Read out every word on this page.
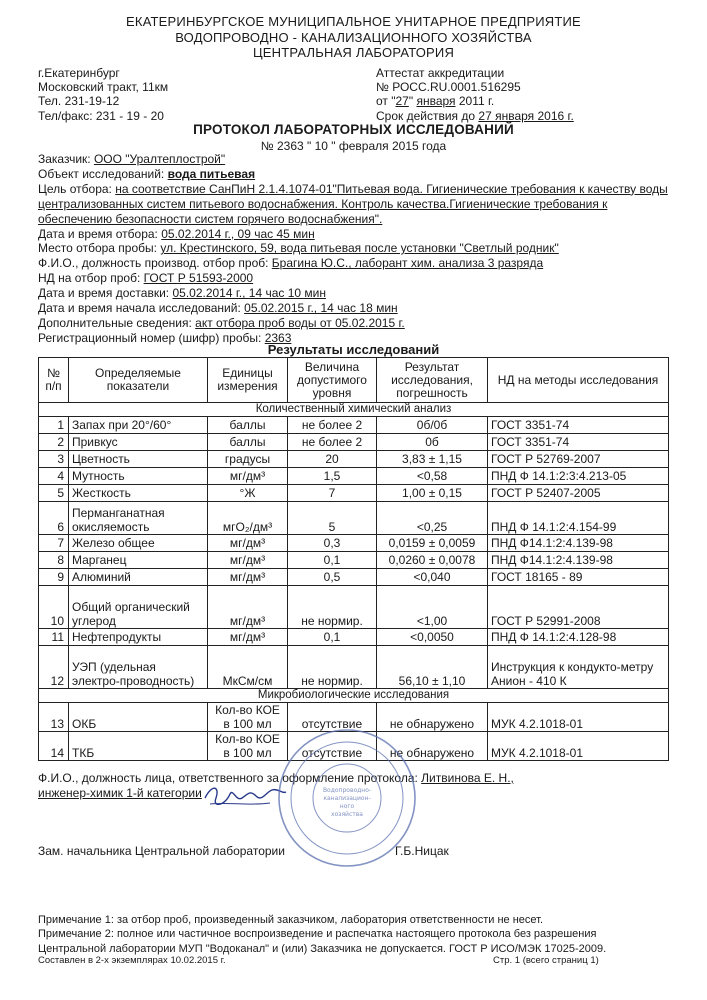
ЕКАТЕРИНБУРГСКОЕ МУНИЦИПАЛЬНОЕ УНИТАРНОЕ ПРЕДПРИЯТИЕ
ВОДОПРОВОДНО - КАНАЛИЗАЦИОННОГО ХОЗЯЙСТВА
ЦЕНТРАЛЬНАЯ ЛАБОРАТОРИЯ
г.Екатеринбург
Московский тракт, 11км
Тел. 231-19-12
Тел/факс: 231 - 19 - 20
Аттестат аккредитации
№ РОСС.RU.0001.516295
от "27" января 2011 г.
Срок действия до 27 января 2016 г.
ПРОТОКОЛ ЛАБОРАТОРНЫХ ИССЛЕДОВАНИЙ
№ 2363 " 10 " февраля 2015 года
Заказчик: ООО "Уралтеплострой"
Объект исследований: вода питьевая
Цель отбора: на соответствие СанПиН 2.1.4.1074-01"Питьевая вода. Гигиенические требования к качеству воды централизованных систем питьевого водоснабжения. Контроль качества.Гигиенические требования к обеспечению безопасности систем горячего водоснабжения".
Дата и время отбора: 05.02.2014 г., 09 час 45 мин
Место отбора пробы: ул. Крестинского, 59, вода питьевая после установки "Светлый родник"
Ф.И.О., должность производ. отбор проб: Брагина Ю.С., лаборант хим. анализа 3 разряда
НД на отбор проб: ГОСТ Р 51593-2000
Дата и время доставки: 05.02.2014 г., 14 час 10 мин
Дата и время начала исследований: 05.02.2015 г., 14 час 18 мин
Дополнительные сведения: акт отбора проб воды от 05.02.2015 г.
Регистрационный номер (шифр) пробы: 2363
Результаты исследований
№ п/п	Определяемые показатели	Единицы измерения	Величина допустимого уровня	Результат исследования, погрешность	НД на методы исследования
Количественный химический анализ					
1	Запах при 20°/60°	баллы	не более 2	0б/0б	ГОСТ 3351-74
2	Привкус	баллы	не более 2	0б	ГОСТ 3351-74
3	Цветность	градусы	20	3,83 ± 1,15	ГОСТ Р 52769-2007
4	Мутность	мг/дм³	1,5	<0,58	ПНД Ф 14.1:2:3:4.213-05
5	Жесткость	°Ж	7	1,00 ± 0,15	ГОСТ Р 52407-2005
6	Перманганатная окисляемость	мгО₂/дм³	5	<0,25	ПНД Ф 14.1:2:4.154-99
7	Железо общее	мг/дм³	0,3	0,0159 ± 0,0059	ПНД Ф14.1:2:4.139-98
8	Марганец	мг/дм³	0,1	0,0260 ± 0,0078	ПНД Ф14.1:2:4.139-98
9	Алюминий	мг/дм³	0,5	<0,040	ГОСТ 18165 - 89
10	Общий органический углерод	мг/дм³	не нормир.	<1,00	ГОСТ Р 52991-2008
11	Нефтепродукты	мг/дм³	0,1	<0,0050	ПНД Ф 14.1:2:4.128-98
12	УЭП (удельная электро-проводность)	МкСм/см	не нормир.	56,10 ± 1,10	Инструкция к кондукто-метру Анион - 410 К
Микробиологические исследования					
13	ОКБ	Кол-во КОЕ в 100 мл	отсутствие	не обнаружено	МУК 4.2.1018-01
14	ТКБ	Кол-во КОЕ в 100 мл	отсутствие	не обнаружено	МУК 4.2.1018-01
Ф.И.О., должность лица, ответственного за оформление протокола: Литвинова Е. Н.,
инженер-химик 1-й категории	Водопроводно-
канализацион-
ного
хозяйства
Зам. начальника Центральной лаборатории	Г.Б.Ницак
Примечание 1: за отбор проб, произведенный заказчиком, лаборатория ответственности не несет.
Примечание 2: полное или частичное воспроизведение и распечатка настоящего протокола без разрешения
Центральной лаборатории МУП "Водоканал" и (или) Заказчика не допускается. ГОСТ Р ИСО/МЭК 17025-2009.
Составлен в 2-х экземплярах 10.02.2015 г.	Стр. 1 (всего страниц 1)
